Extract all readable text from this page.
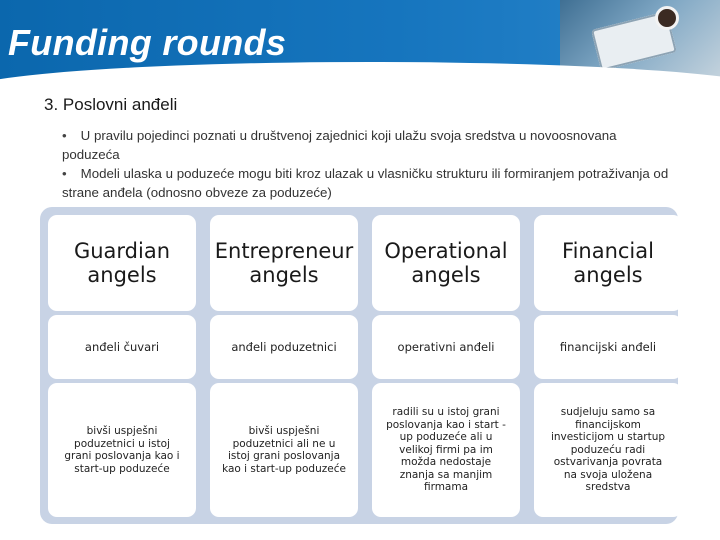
Funding rounds
3. Poslovni anđeli

• U pravilu pojedinci poznati u društvenoj zajednici koji ulažu svoja sredstva u novoosnovana poduzeća

• Modeli ulaska u poduzeće mogu biti kroz ulazak u vlasničku strukturu ili formiranjem potraživanja od strane anđela (odnosno obveze za poduzeće)

Guardian angels
anđeli čuvari
bivši uspješni poduzetnici u istoj grani poslovanja kao i start-up poduzeće
Entrepreneur angels
anđeli poduzetnici
bivši uspješni poduzetnici ali ne u istoj grani poslovanja kao i start-up poduzeće
Operational angels
operativni anđeli
radili su u istoj grani poslovanja kao i start -up poduzeće ali u velikoj firmi pa im možda nedostaje znanja sa manjim firmama
Financial angels
financijski anđeli
sudjeluju samo sa financijskom investicijom u startup poduzeću radi ostvarivanja povrata na svoja uložena sredstva
